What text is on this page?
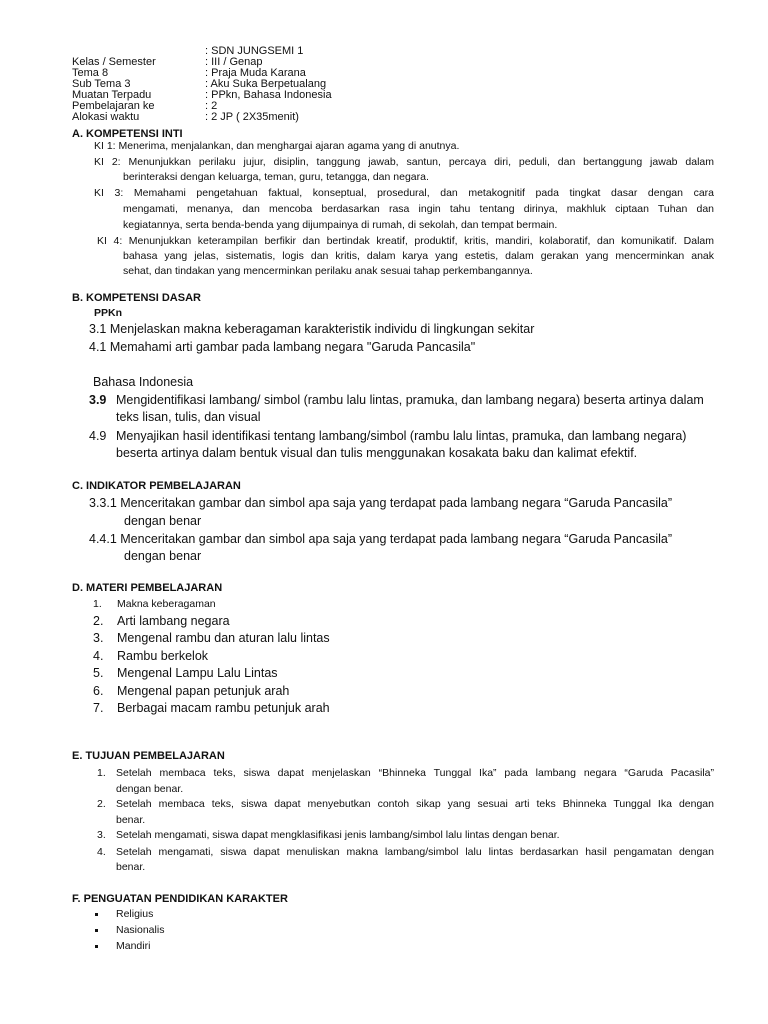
: SDN JUNGSEMI 1
Kelas / Semester	: III / Genap
Tema 8	: Praja Muda Karana
Sub Tema 3	: Aku Suka Berpetualang
Muatan Terpadu	: PPkn, Bahasa Indonesia
Pembelajaran ke	: 2
Alokasi waktu	: 2 JP ( 2X35menit)
A. KOMPETENSI INTI
KI 1: Menerima, menjalankan, dan menghargai ajaran agama yang di anutnya.
KI 2: Menunjukkan perilaku jujur, disiplin, tanggung jawab, santun, percaya diri, peduli, dan bertanggung jawab dalam
berinteraksi dengan keluarga, teman, guru, tetangga, dan negara.
KI 3: Memahami pengetahuan faktual, konseptual, prosedural, dan metakognitif pada tingkat dasar dengan cara
mengamati, menanya, dan mencoba berdasarkan rasa ingin tahu tentang dirinya, makhluk ciptaan Tuhan dan
kegiatannya, serta benda-benda yang dijumpainya di rumah, di sekolah, dan tempat bermain.
KI 4: Menunjukkan keterampilan berfikir dan bertindak kreatif, produktif, kritis, mandiri, kolaboratif, dan komunikatif. Dalam
bahasa yang jelas, sistematis, logis dan kritis, dalam karya yang estetis, dalam gerakan yang mencerminkan anak
sehat, dan tindakan yang mencerminkan perilaku anak sesuai tahap perkembangannya.
B. KOMPETENSI DASAR
PPKn
3.1 Menjelaskan makna keberagaman karakteristik individu di lingkungan sekitar
4.1 Memahami arti gambar pada lambang negara "Garuda Pancasila"
Bahasa Indonesia
3.9 Mengidentifikasi lambang/ simbol (rambu lalu lintas, pramuka, dan lambang negara) beserta artinya dalam
teks lisan, tulis, dan visual
4.9 Menyajikan hasil identifikasi tentang lambang/simbol (rambu lalu lintas, pramuka, dan lambang negara)
beserta artinya dalam bentuk visual dan tulis menggunakan kosakata baku dan kalimat efektif.
C. INDIKATOR PEMBELAJARAN
3.3.1 Menceritakan gambar dan simbol apa saja yang terdapat pada lambang negara “Garuda Pancasila”
dengan benar
4.4.1 Menceritakan gambar dan simbol apa saja yang terdapat pada lambang negara “Garuda Pancasila”
dengan benar
D. MATERI PEMBELAJARAN
1. Makna keberagaman
2. Arti lambang negara
3. Mengenal rambu dan aturan lalu lintas
4. Rambu berkelok
5. Mengenal Lampu Lalu Lintas
6. Mengenal papan petunjuk arah
7. Berbagai macam rambu petunjuk arah
E. TUJUAN PEMBELAJARAN
1. Setelah membaca teks, siswa dapat menjelaskan “Bhinneka Tunggal Ika” pada lambang negara “Garuda Pacasila”
dengan benar.
2. Setelah membaca teks, siswa dapat menyebutkan contoh sikap yang sesuai arti teks Bhinneka Tunggal Ika dengan
benar.
3. Setelah mengamati, siswa dapat mengklasifikasi jenis lambang/simbol lalu lintas dengan benar.
4. Setelah mengamati, siswa dapat menuliskan makna lambang/simbol lalu lintas berdasarkan hasil pengamatan dengan
benar.
F. PENGUATAN PENDIDIKAN KARAKTER
Religius
Nasionalis
Mandiri
